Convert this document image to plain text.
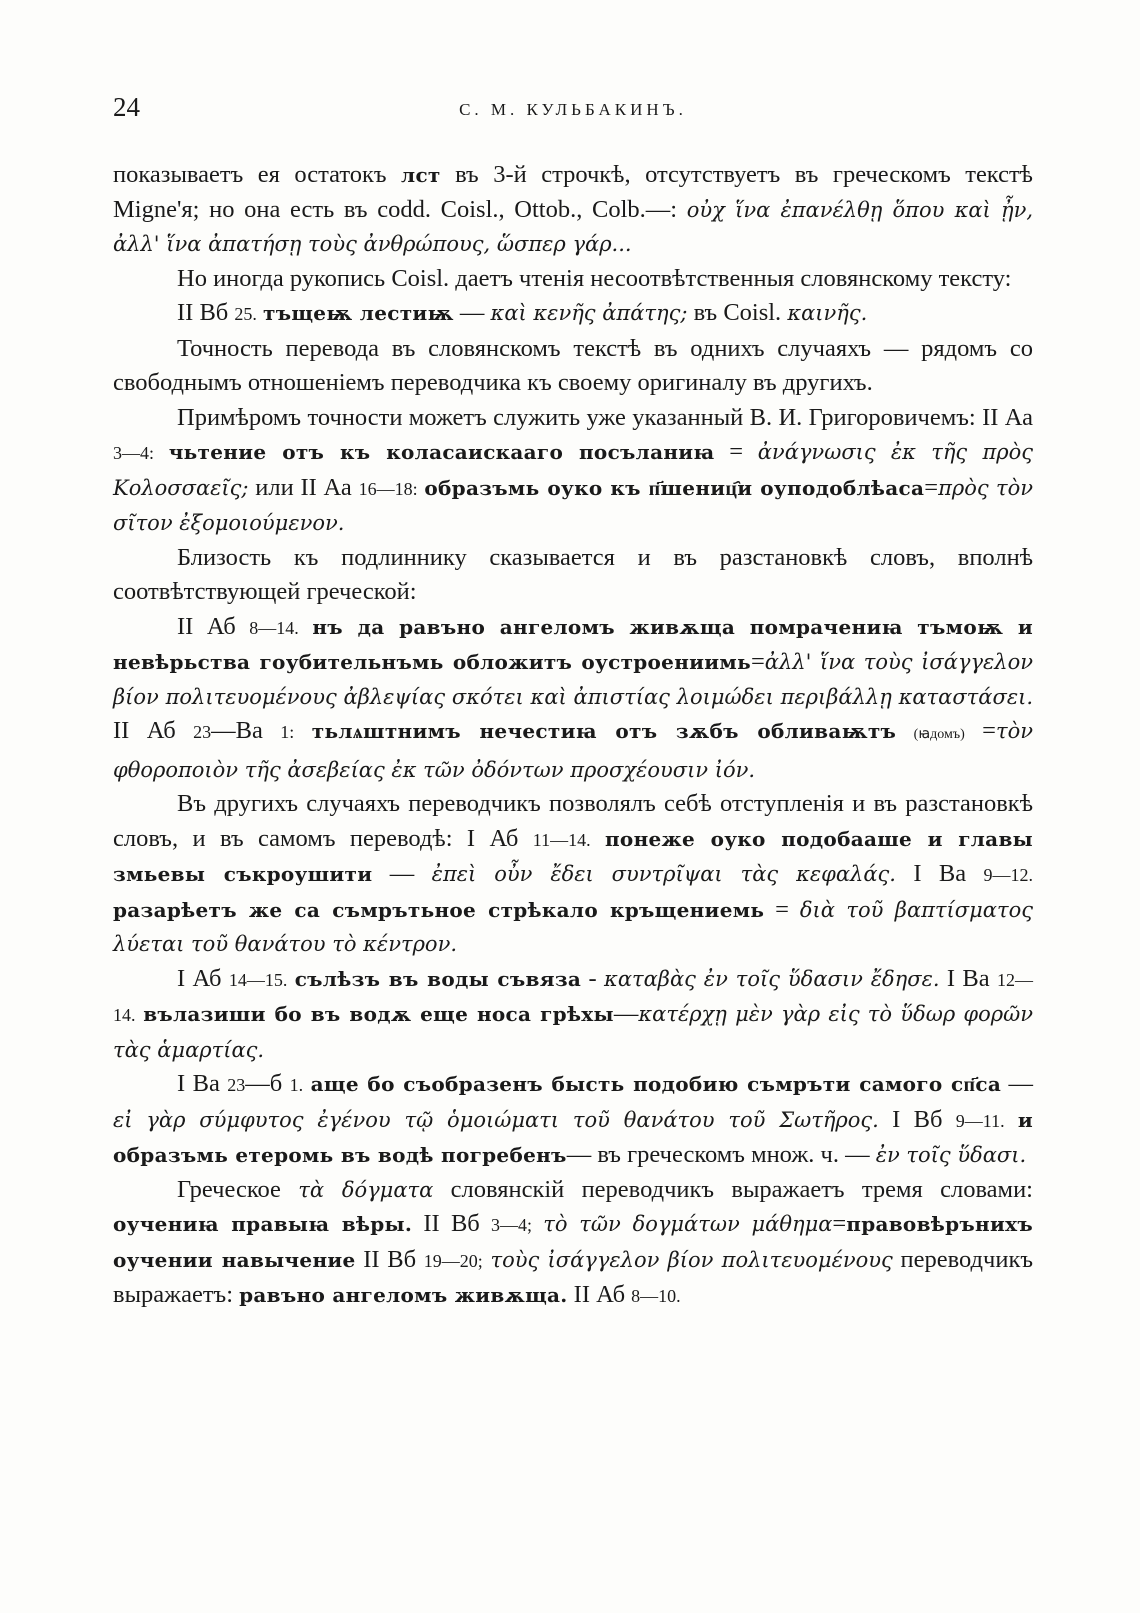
24	С. М. КУЛЬБАКИНЪ.

показываетъ ея остатокъ лст въ 3-й строчкѣ, отсутствуетъ въ греческомъ текстѣ Migne'я; но она есть въ codd. Coisl., Ottob., Colb.—: οὐχ ἵνα ἐπανέλθῃ ὅπου καὶ ᾖν, ἀλλ' ἵνα ἀπατήσῃ τοὺς ἀνθρώπους, ὥσπερ γάρ...

Но иногда рукопись Coisl. даетъ чтенія несоотвѣтственныя словянскому тексту:

II Вб 25. тъщеѭ лестиѭ — καὶ κενῆς ἀπάτης; въ Coisl. καινῆς.

Точность перевода въ словянскомъ текстѣ въ однихъ случаяхъ — рядомъ со свободнымъ отношеніемъ переводчика къ своему оригиналу въ другихъ.

Примѣромъ точности можетъ служить уже указанный В. И. Григоровичемъ: II Аа 3—4: чьтение отъ къ коласаискааго посъланиꙗ = ἀνάγνωσις ἐκ τῆς πρὸς Κολοσσαεῖς; или II Аа 16—18: образъмь оуко къ п҃шениц҄и оуподоблѣаса=πρὸς τὸν σῖτον ἐξομοιούμενον.

Близость къ подлиннику сказывается и въ разстановкѣ словъ, вполнѣ соотвѣтствующей греческой:

II Аб 8—14. нъ да равъно ангеломъ живѫща помрачениꙗ тъмоѭ и невѣрьства гоубительнъмь обложитъ оустроениимь=ἀλλ' ἵνα τοὺς ἰσάγγελον βίον πολιτευομένους ἀβλεψίας σκότει καὶ ἀπιστίας λοιμώδει περιβάλλῃ καταστάσει. II Аб 23—Ва 1: тьлѧштнимъ нечестиꙗ отъ зѫбъ обливаѭтъ (ꙗдомъ) =τὸν φθοροποιὸν τῆς ἀσεβείας ἐκ τῶν ὀδόντων προσχέουσιν ἰόν.

Въ другихъ случаяхъ переводчикъ позволялъ себѣ отступленія и въ разстановкѣ словъ, и въ самомъ переводѣ: I Аб 11—14. понеже оуко подобааше и главы змьевы съкроушити — ἐπεὶ οὖν ἔδει συντρῖψαι τὰς κεφαλάς. I Ва 9—12. разарѣетъ же са съмрътьное стрѣкало кръщениемь = διὰ τοῦ βαπτίσματος λύεται τοῦ θανάτου τὸ κέντρον.

I Аб 14—15. сълѣзъ въ воды съвяза - καταβὰς ἐν τοῖς ὕδασιν ἔδησε. I Ва 12—14. вълазиши бо въ водѫ еще носа грѣхы—κατέρχῃ μὲν γὰρ εἰς τὸ ὕδωρ φορῶν τὰς ἁμαρτίας.

I Ва 23—б 1. аще бо съобразенъ бысть подобию съмръти самого сп҃са —εἰ γὰρ σύμφυτος ἐγένου τῷ ὁμοιώματι τοῦ θανάτου τοῦ Σωτῆρος. I Вб 9—11. и образъмь етеромь въ водѣ погребенъ— въ греческомъ множ. ч. — ἐν τοῖς ὕδασι.

Греческое τὰ δόγματα словянскій переводчикъ выражаетъ тремя словами: оучениꙗ правыꙗ вѣры. II Вб 3—4; τὸ τῶν δογμάτων μάθημα=правовѣрънихъ оучении навычение II Вб 19—20; τοὺς ἰσάγγελον βίον πολιτευομένους переводчикъ выражаетъ: равъно ангеломъ живѫща. II Аб 8—10.
